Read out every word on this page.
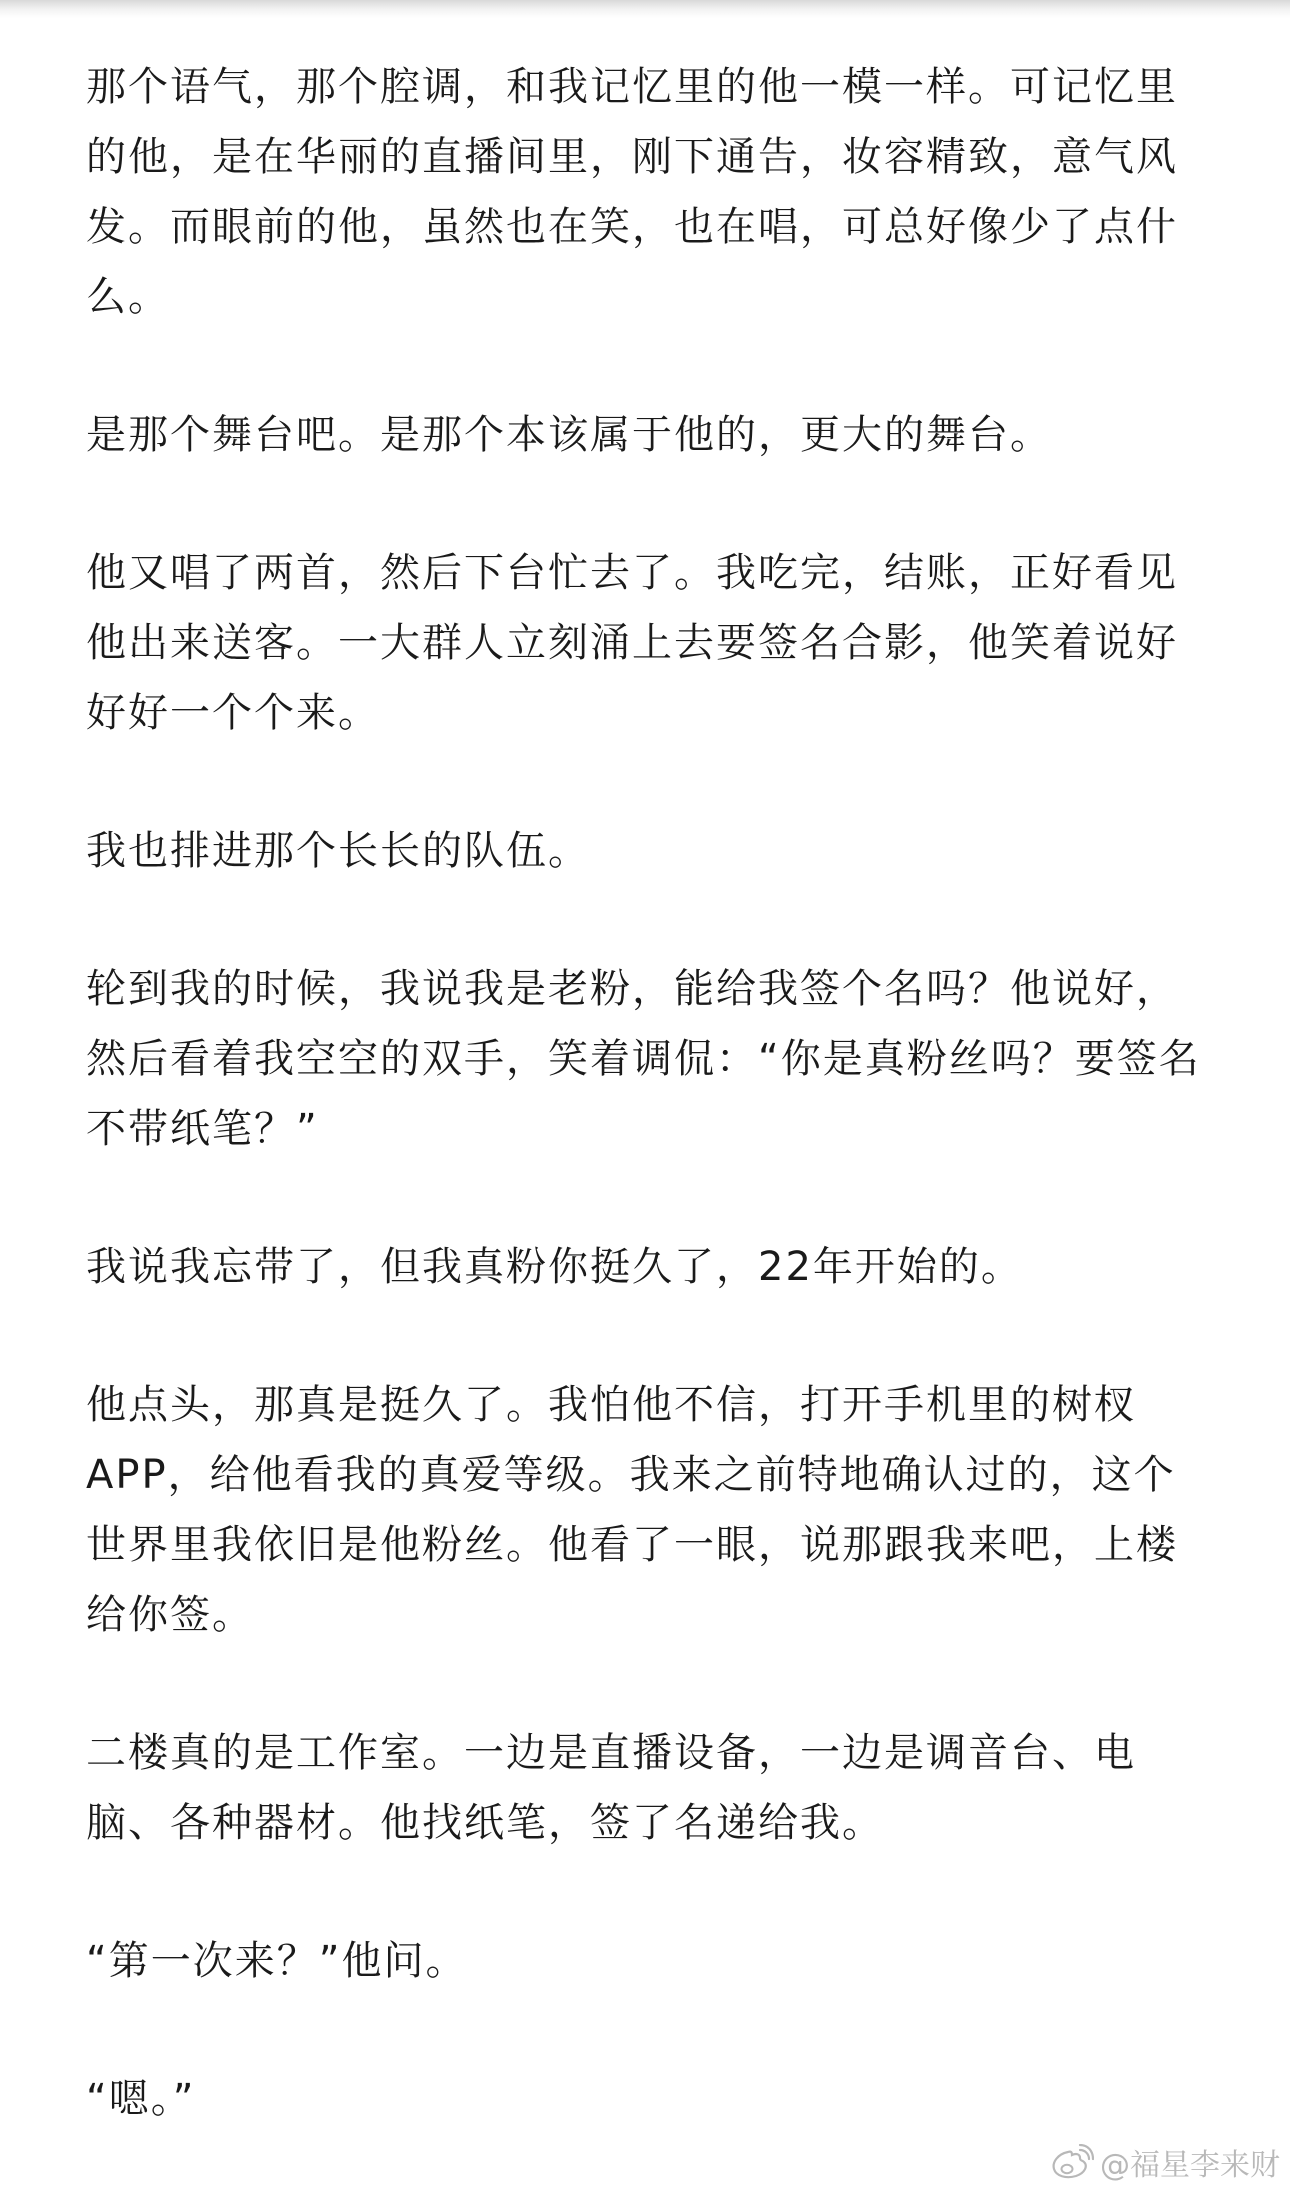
那个语气，那个腔调，和我记忆里的他一模一样。可记忆里
的他，是在华丽的直播间里，刚下通告，妆容精致，意气风
发。而眼前的他，虽然也在笑，也在唱，可总好像少了点什
么。

是那个舞台吧。是那个本该属于他的，更大的舞台。

他又唱了两首，然后下台忙去了。我吃完，结账，正好看见
他出来送客。一大群人立刻涌上去要签名合影，他笑着说好
好好一个个来。

我也排进那个长长的队伍。

轮到我的时候，我说我是老粉，能给我签个名吗？他说好，
然后看着我空空的双手，笑着调侃：“你是真粉丝吗？要签名
不带纸笔？”

我说我忘带了，但我真粉你挺久了，22年开始的。

他点头，那真是挺久了。我怕他不信，打开手机里的树杈
APP，给他看我的真爱等级。我来之前特地确认过的，这个
世界里我依旧是他粉丝。他看了一眼，说那跟我来吧，上楼
给你签。

二楼真的是工作室。一边是直播设备，一边是调音台、电
脑、各种器材。他找纸笔，签了名递给我。

“第一次来？”他问。

“嗯。”

@福星李来财
